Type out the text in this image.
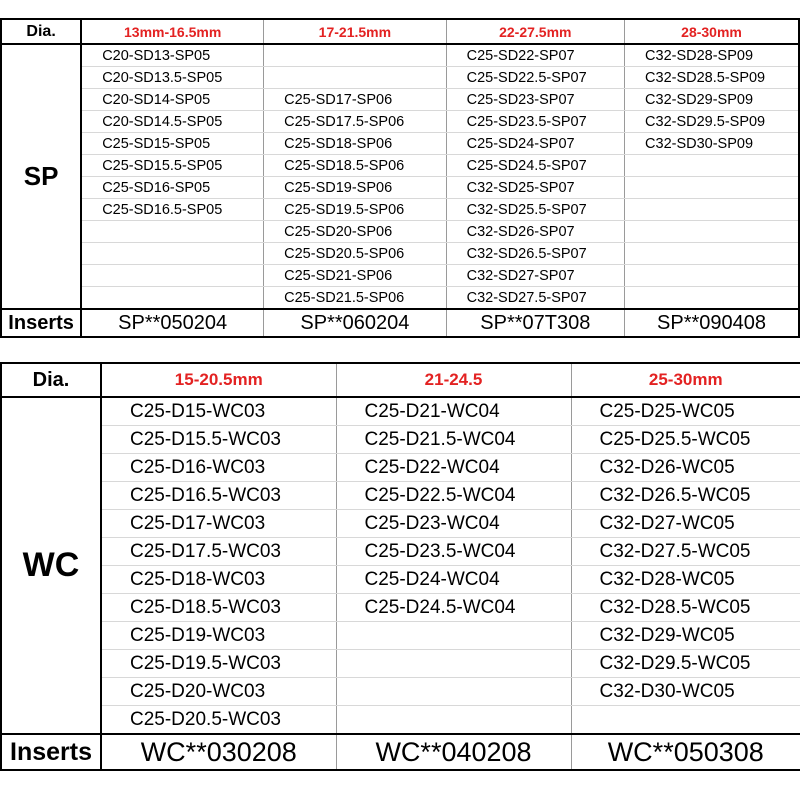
Dia.	13mm-16.5mm	17-21.5mm	22-27.5mm	28-30mm
SP	C20-SD13-SP05		C25-SD22-SP07	C32-SD28-SP09
	C20-SD13.5-SP05		C25-SD22.5-SP07	C32-SD28.5-SP09
	C20-SD14-SP05	C25-SD17-SP06	C25-SD23-SP07	C32-SD29-SP09
	C20-SD14.5-SP05	C25-SD17.5-SP06	C25-SD23.5-SP07	C32-SD29.5-SP09
	C25-SD15-SP05	C25-SD18-SP06	C25-SD24-SP07	C32-SD30-SP09
	C25-SD15.5-SP05	C25-SD18.5-SP06	C25-SD24.5-SP07	
	C25-SD16-SP05	C25-SD19-SP06	C32-SD25-SP07	
	C25-SD16.5-SP05	C25-SD19.5-SP06	C32-SD25.5-SP07	
		C25-SD20-SP06	C32-SD26-SP07	
		C25-SD20.5-SP06	C32-SD26.5-SP07	
		C25-SD21-SP06	C32-SD27-SP07	
		C25-SD21.5-SP06	C32-SD27.5-SP07	
Inserts	SP**050204	SP**060204	SP**07T308	SP**090408
Dia.	15-20.5mm	21-24.5	25-30mm
WC	C25-D15-WC03	C25-D21-WC04	C25-D25-WC05
	C25-D15.5-WC03	C25-D21.5-WC04	C25-D25.5-WC05
	C25-D16-WC03	C25-D22-WC04	C32-D26-WC05
	C25-D16.5-WC03	C25-D22.5-WC04	C32-D26.5-WC05
	C25-D17-WC03	C25-D23-WC04	C32-D27-WC05
	C25-D17.5-WC03	C25-D23.5-WC04	C32-D27.5-WC05
	C25-D18-WC03	C25-D24-WC04	C32-D28-WC05
	C25-D18.5-WC03	C25-D24.5-WC04	C32-D28.5-WC05
	C25-D19-WC03		C32-D29-WC05
	C25-D19.5-WC03		C32-D29.5-WC05
	C25-D20-WC03		C32-D30-WC05
	C25-D20.5-WC03		
Inserts	WC**030208	WC**040208	WC**050308
